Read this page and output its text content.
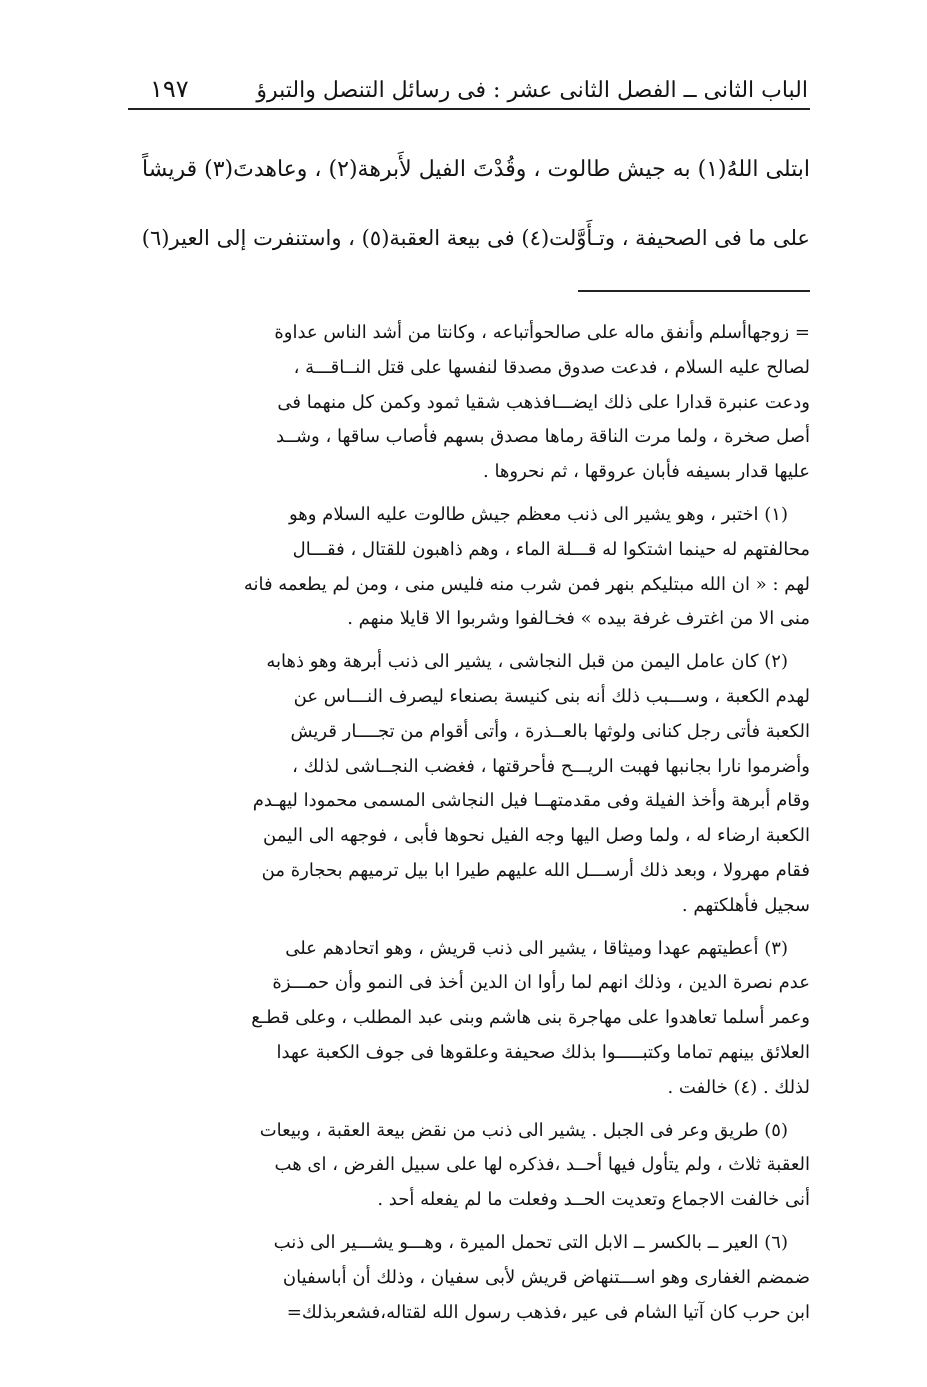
الباب الثانى ــ الفصل الثانى عشر : فى رسائل التنصل والتبرؤ
١٩٧
ابتلى اللهُ(١) به جيش طالوت ، وقُدْتَ الفيل لأَبرهة(٢) ، وعاهدتَ(٣) قريشاً
على ما فى الصحيفة ، وتـأَوَّلت(٤) فى بيعة العقبة(٥) ، واستنفرت إلى العير(٦)
= زوجهاأسلم وأنفق ماله على صالحوأتباعه ، وكانتا من أشد الناس عداوة
لصالح عليه السلام ، فدعت صدوق مصدقا لنفسها على قتل النــاقـــة ،
ودعت عنبرة قدارا على ذلك ايضـــافذهب شقيا ثمود وكمن كل منهما فى
أصل صخرة ، ولما مرت الناقة رماها مصدق بسهم فأصاب ساقها ، وشــد
عليها قدار بسيفه فأبان عروقها ، ثم نحروها .
(١) اختبر ، وهو يشير الى ذنب معظم جيش طالوت عليه السلام وهو
محالفتهم له حينما اشتكوا له قـــلة الماء ، وهم ذاهبون للقتال ، فقـــال
لهم : « ان الله مبتليكم بنهر فمن شرب منه فليس منى ، ومن لم يطعمه فانه
منى الا من اغترف غرفة بيده » فخـالفوا وشربوا الا قايلا منهم .
(٢) كان عامل اليمن من قبل النجاشى ، يشير الى ذنب أبرهة وهو ذهابه
لهدم الكعبة ، وســـبب ذلك أنه بنى كنيسة بصنعاء ليصرف النـــاس عن
الكعبة فأتى رجل كنانى ولوثها بالعــذرة ، وأتى أقوام من تجــــار قريش
وأضرموا نارا بجانبها فهبت الريـــح فأحرقتها ، فغضب النجــاشى لذلك ،
وقام أبرهة وأخذ الفيلة وفى مقدمتهــا فيل النجاشى المسمى محمودا ليهـدم
الكعبة ارضاء له ، ولما وصل اليها وجه الفيل نحوها فأبى ، فوجهه الى اليمن
فقام مهرولا ، وبعد ذلك أرســـل الله عليهم طيرا ابا بيل ترميهم بحجارة من
سجيل فأهلكتهم .
(٣) أعطيتهم عهدا وميثاقا ، يشير الى ذنب قريش ، وهو اتحادهم على
عدم نصرة الدين ، وذلك انهم لما رأوا ان الدين أخذ فى النمو وأن حمـــزة
وعمر أسلما تعاهدوا على مهاجرة بنى هاشم وبنى عبد المطلب ، وعلى قطـع
العلائق بينهم تماما وكتبـــــوا بذلك صحيفة وعلقوها فى جوف الكعبة عهدا
لذلك . (٤) خالفت .
(٥) طريق وعر فى الجبل . يشير الى ذنب من نقض بيعة العقبة ، وبيعات
العقبة ثلاث ، ولم يتأول فيها أحــد ،فذكره لها على سبيل الفرض ، اى هب
أنى خالفت الاجماع وتعديت الحــد وفعلت ما لم يفعله أحد .
(٦) العير ــ بالكسر ــ الابل التى تحمل الميرة ، وهـــو يشـــير الى ذنب
ضمضم الغفارى وهو اســـتنهاض قريش لأبى سفيان ، وذلك أن أباسفيان
ابن حرب كان آتيا الشام فى عير ،فذهب رسول الله لقتاله،فشعربذلك=
